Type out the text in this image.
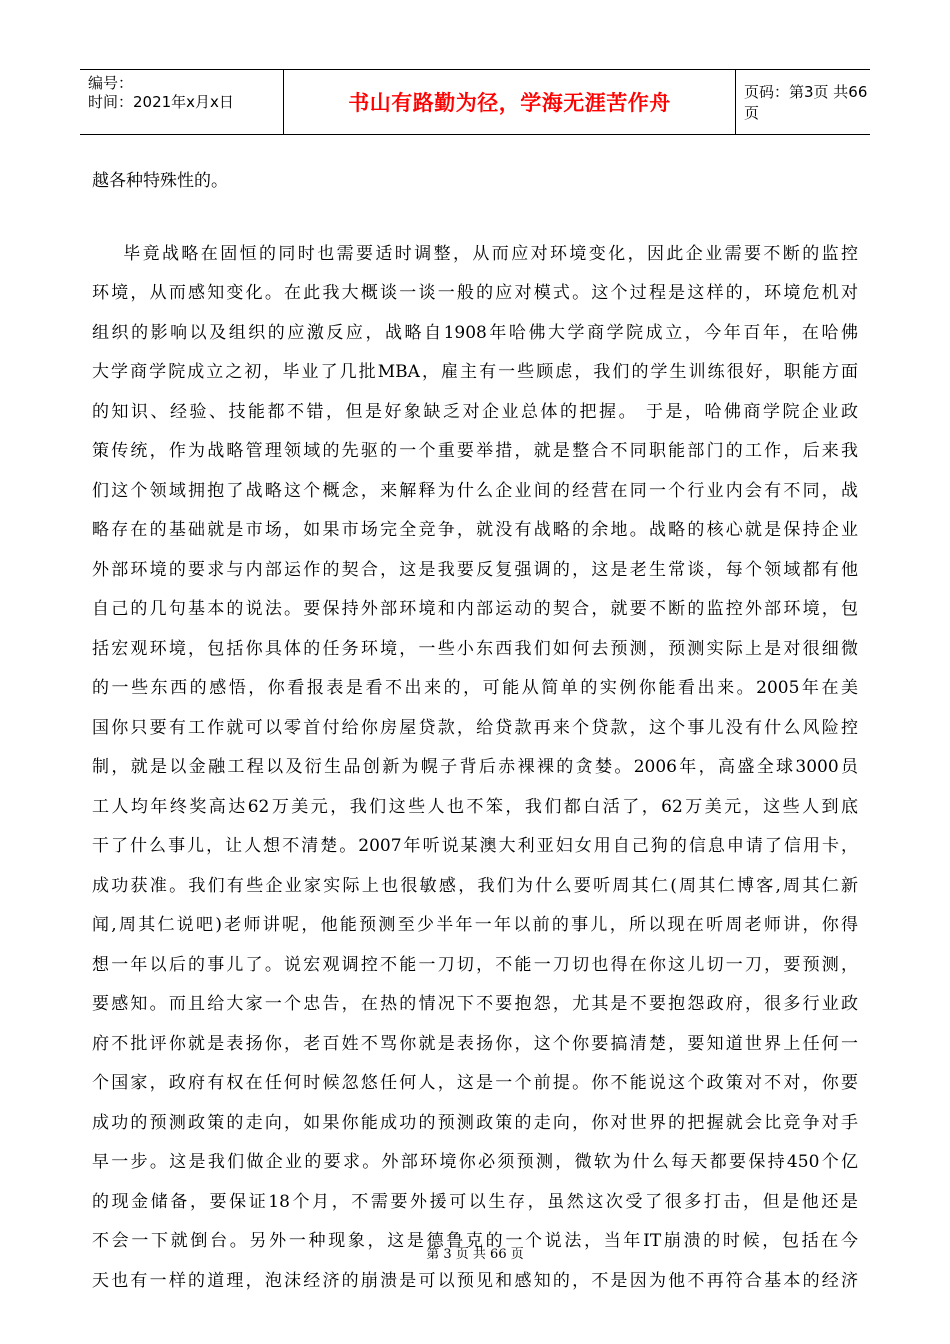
编号：
时间：2021年x月x日	书山有路勤为径，学海无涯苦作舟	页码：第3页 共66页
越各种特殊性的。
毕竟战略在固恒的同时也需要适时调整，从而应对环境变化，因此企业需要不断的监控
环境，从而感知变化。在此我大概谈一谈一般的应对模式。这个过程是这样的，环境危机对
组织的影响以及组织的应激反应，战略自1908年哈佛大学商学院成立，今年百年，在哈佛
大学商学院成立之初，毕业了几批MBA，雇主有一些顾虑，我们的学生训练很好，职能方面
的知识、经验、技能都不错，但是好象缺乏对企业总体的把握。 于是，哈佛商学院企业政
策传统，作为战略管理领域的先驱的一个重要举措，就是整合不同职能部门的工作，后来我
们这个领域拥抱了战略这个概念，来解释为什么企业间的经营在同一个行业内会有不同，战
略存在的基础就是市场，如果市场完全竞争，就没有战略的余地。战略的核心就是保持企业
外部环境的要求与内部运作的契合，这是我要反复强调的，这是老生常谈，每个领域都有他
自己的几句基本的说法。要保持外部环境和内部运动的契合，就要不断的监控外部环境，包
括宏观环境，包括你具体的任务环境，一些小东西我们如何去预测，预测实际上是对很细微
的一些东西的感悟，你看报表是看不出来的，可能从简单的实例你能看出来。2005年在美
国你只要有工作就可以零首付给你房屋贷款，给贷款再来个贷款，这个事儿没有什么风险控
制，就是以金融工程以及衍生品创新为幌子背后赤裸裸的贪婪。2006年，高盛全球3000员
工人均年终奖高达62万美元，我们这些人也不笨，我们都白活了，62万美元，这些人到底
干了什么事儿，让人想不清楚。2007年听说某澳大利亚妇女用自己狗的信息申请了信用卡，
成功获准。我们有些企业家实际上也很敏感，我们为什么要听周其仁(周其仁博客,周其仁新
闻,周其仁说吧)老师讲呢，他能预测至少半年一年以前的事儿，所以现在听周老师讲，你得
想一年以后的事儿了。说宏观调控不能一刀切，不能一刀切也得在你这儿切一刀，要预测，
要感知。而且给大家一个忠告，在热的情况下不要抱怨，尤其是不要抱怨政府，很多行业政
府不批评你就是表扬你，老百姓不骂你就是表扬你，这个你要搞清楚，要知道世界上任何一
个国家，政府有权在任何时候忽悠任何人，这是一个前提。你不能说这个政策对不对，你要
成功的预测政策的走向，如果你能成功的预测政策的走向，你对世界的把握就会比竞争对手
早一步。这是我们做企业的要求。外部环境你必须预测，微软为什么每天都要保持450个亿
的现金储备，要保证18个月，不需要外援可以生存，虽然这次受了很多打击，但是他还是
不会一下就倒台。另外一种现象，这是德鲁克的一个说法，当年IT崩溃的时候，包括在今
天也有一样的道理，泡沫经济的崩溃是可以预见和感知的，不是因为他不再符合基本的经济
第 3 页 共 66 页
